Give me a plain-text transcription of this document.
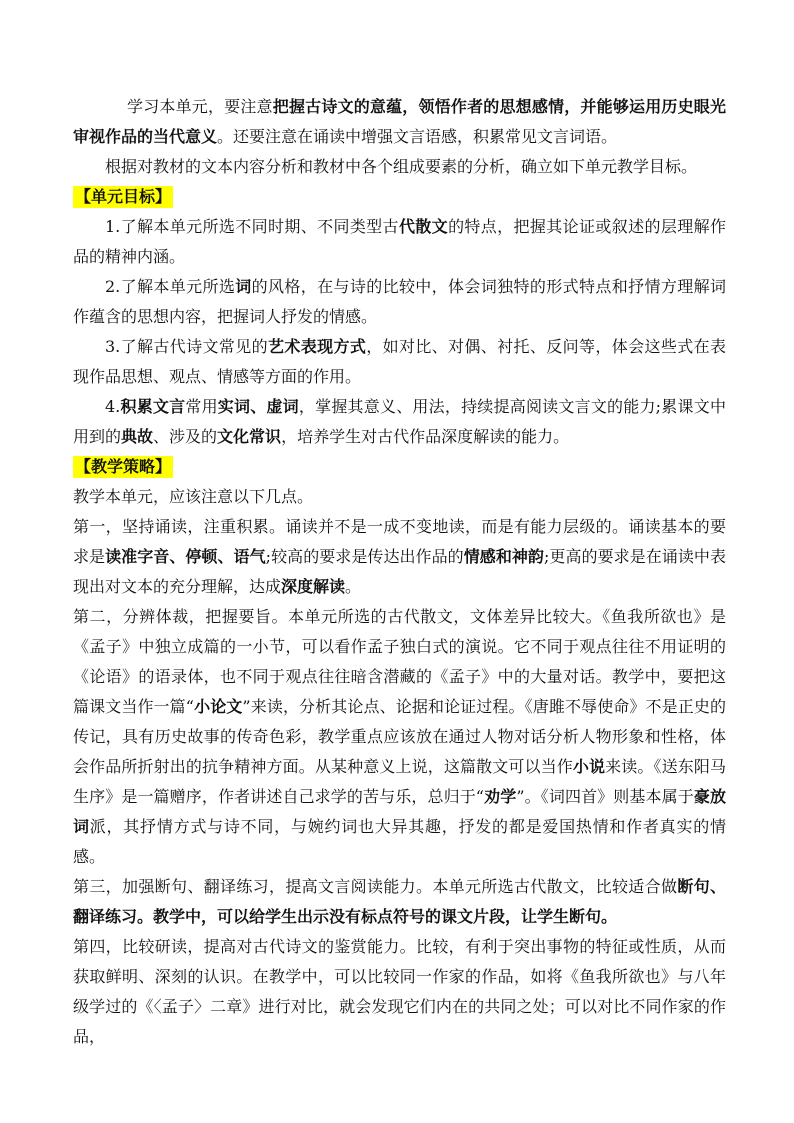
学习本单元，要注意把握古诗文的意蕴，领悟作者的思想感情，并能够运用历史眼光审视作品的当代意义。还要注意在诵读中增强文言语感，积累常见文言词语。

根据对教材的文本内容分析和教材中各个组成要素的分析，确立如下单元教学目标。

【单元目标】

1.了解本单元所选不同时期、不同类型古代散文的特点，把握其论证或叙述的层理解作品的精神内涵。

2.了解本单元所选词的风格，在与诗的比较中，体会词独特的形式特点和抒情方理解词作蕴含的思想内容，把握词人抒发的情感。

3.了解古代诗文常见的艺术表现方式，如对比、对偶、衬托、反问等，体会这些式在表现作品思想、观点、情感等方面的作用。

4.积累文言常用实词、虚词，掌握其意义、用法，持续提高阅读文言文的能力;累课文中用到的典故、涉及的文化常识，培养学生对古代作品深度解读的能力。

【教学策略】

教学本单元，应该注意以下几点。

第一，坚持诵读，注重积累。诵读并不是一成不变地读，而是有能力层级的。诵读基本的要求是读准字音、停顿、语气;较高的要求是传达出作品的情感和神韵;更高的要求是在诵读中表现出对文本的充分理解，达成深度解读。

第二，分辨体裁，把握要旨。本单元所选的古代散文，文体差异比较大。《鱼我所欲也》是《孟子》中独立成篇的一小节，可以看作孟子独白式的演说。它不同于观点往往不用证明的《论语》的语录体，也不同于观点往往暗含潜藏的《孟子》中的大量对话。教学中，要把这篇课文当作一篇“小论文”来读，分析其论点、论据和论证过程。《唐雎不辱使命》不是正史的传记，具有历史故事的传奇色彩，教学重点应该放在通过人物对话分析人物形象和性格，体会作品所折射出的抗争精神方面。从某种意义上说，这篇散文可以当作小说来读。《送东阳马生序》是一篇赠序，作者讲述自己求学的苦与乐，总归于“劝学”。《词四首》则基本属于豪放词派，其抒情方式与诗不同，与婉约词也大异其趣，抒发的都是爱国热情和作者真实的情感。

第三，加强断句、翻译练习，提高文言阅读能力。本单元所选古代散文，比较适合做断句、翻译练习。教学中，可以给学生出示没有标点符号的课文片段，让学生断句。

第四，比较研读，提高对古代诗文的鉴赏能力。比较，有利于突出事物的特征或性质，从而获取鲜明、深刻的认识。在教学中，可以比较同一作家的作品，如将《鱼我所欲也》与八年级学过的《〈孟子〉二章》进行对比，就会发现它们内在的共同之处；可以对比不同作家的作品，
